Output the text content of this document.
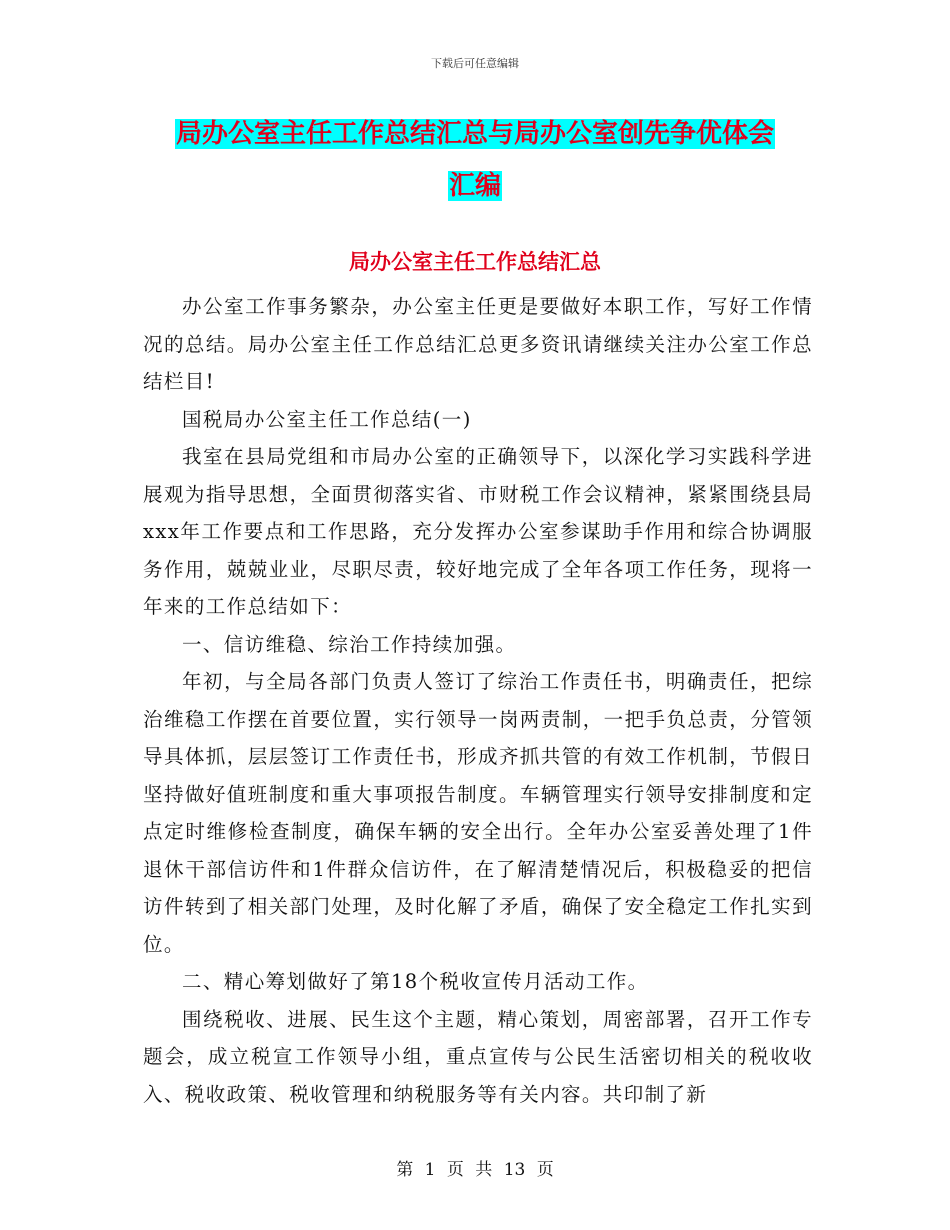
下载后可任意编辑
局办公室主任工作总结汇总与局办公室创先争优体会
汇编
局办公室主任工作总结汇总

办公室工作事务繁杂，办公室主任更是要做好本职工作，写好工作情况的总结。局办公室主任工作总结汇总更多资讯请继续关注办公室工作总结栏目!

国税局办公室主任工作总结(一)

我室在县局党组和市局办公室的正确领导下，以深化学习实践科学进展观为指导思想，全面贯彻落实省、市财税工作会议精神，紧紧围绕县局xxx年工作要点和工作思路，充分发挥办公室参谋助手作用和综合协调服务作用，兢兢业业，尽职尽责，较好地完成了全年各项工作任务，现将一年来的工作总结如下：

一、信访维稳、综治工作持续加强。

年初，与全局各部门负责人签订了综治工作责任书，明确责任，把综治维稳工作摆在首要位置，实行领导一岗两责制，一把手负总责，分管领导具体抓，层层签订工作责任书，形成齐抓共管的有效工作机制，节假日坚持做好值班制度和重大事项报告制度。车辆管理实行领导安排制度和定点定时维修检查制度，确保车辆的安全出行。全年办公室妥善处理了1件退休干部信访件和1件群众信访件，在了解清楚情况后，积极稳妥的把信访件转到了相关部门处理，及时化解了矛盾，确保了安全稳定工作扎实到位。

二、精心筹划做好了第18个税收宣传月活动工作。

围绕税收、进展、民生这个主题，精心策划，周密部署，召开工作专题会，成立税宣工作领导小组，重点宣传与公民生活密切相关的税收收入、税收政策、税收管理和纳税服务等有关内容。共印制了新

第 1 页 共 13 页
